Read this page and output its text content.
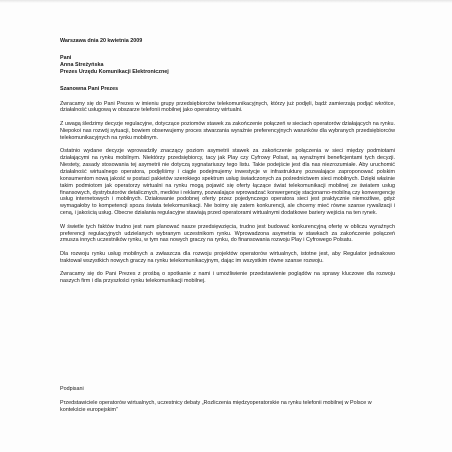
Warszawa dnia 20 kwietnia 2009
Pani
Anna Streżyńska
Prezes Urzędu Komunikacji Elektronicznej
Szanowna Pani Prezes

Zwracamy się do Pani Prezes w imieniu grupy przedsiębiorców telekomunikacyjnych, którzy już podjęli, bądź zamierzają podjąć wkrótce, działalność usługową w obszarze telefonii mobilnej jako operatorzy wirtualni.

Z uwagą śledzimy decyzje regulacyjne, dotyczące poziomów stawek za zakończenie połączeń w sieciach operatorów działających na rynku. Niepokoi nas rozwój sytuacji, bowiem obserwujemy proces stwarzania wyraźnie preferencyjnych warunków dla wybranych przedsiębiorców telekomunikacyjnych na rynku mobilnym.

Ostatnio wydane decyzje wprowadziły znaczący poziom asymetrii stawek za zakończenie połączenia w sieci między podmiotami działającymi na rynku mobilnym. Niektórzy przedsiębiorcy, tacy jak Play czy Cyfrowy Polsat, są wyraźnymi beneficjentami tych decyzji. Niestety, zasady stosowania tej asymetrii nie dotyczą sygnatariuszy tego listu. Takie podejście jest dla nas niezrozumiałe. Aby uruchomić działalność wirtualnego operatora, podjęliśmy i ciągle podejmujemy inwestycje w infrastrukturę pozwalające zaproponować polskim konsumentom nową jakość w postaci pakietów szerokiego spektrum usług świadczonych za pośrednictwem sieci mobilnych. Dzięki właśnie takim podmiotom jak operatorzy wirtualni na rynku mogą pojawić się oferty łączące świat telekomunikacji mobilnej ze światem usług finansowych, dystrybutorów detalicznych, mediów i reklamy, pozwalające wprowadzać konwergencję stacjonarno-mobilną czy konwergencję usług internetowych i mobilnych. Działowanie podobnej oferty przez pojedynczego operatora sieci jest praktycznie niemożliwe, gdyż wymagałoby to kompetencji spoza świata telekomunikacji. Nie boimy się zatem konkurencji, ale chcemy mieć równe szanse rywalizacji i ceną, i jakością usług. Obecne działania regulacyjne stawiają przed operatorami wirtualnymi dodatkowe bariery wejścia na ten rynek.

W świetle tych faktów trudno jest nam planować nasze przedsięwzięcia, trudno jest budować konkurencyjną ofertę w obliczu wyraźnych preferencji regulacyjnych udzielanych wybranym uczestnikom rynku. Wprowadzona asymetria w stawkach za zakończenie połączeń zmusza innych uczestników rynku, w tym nas nowych graczy na rynku, do finansowania rozwoju Play i Cyfrowego Polsatu.

Dla rozwoju rynku usług mobilnych a zwłaszcza dla rozwoju projektów operatorów wirtualnych, istotne jest, aby Regulator jednakowo traktował wszystkich nowych graczy na rynku telekomunikacyjnym, dając im wszystkim równe szanse rozwoju.

Zwracamy się do Pani Prezes z prośbą o spotkanie z nami i umożliwienie przedstawienie poglądów na sprawy kluczowe dla rozwoju naszych firm i dla przyszłości rynku telekomunikacji mobilnej.

Podpisani
Przedstawiciele operatorów wirtualnych, uczestnicy debaty „Rozliczenia międzyoperatorskie na rynku telefonii mobilnej w Polsce w kontekście europejskim”
